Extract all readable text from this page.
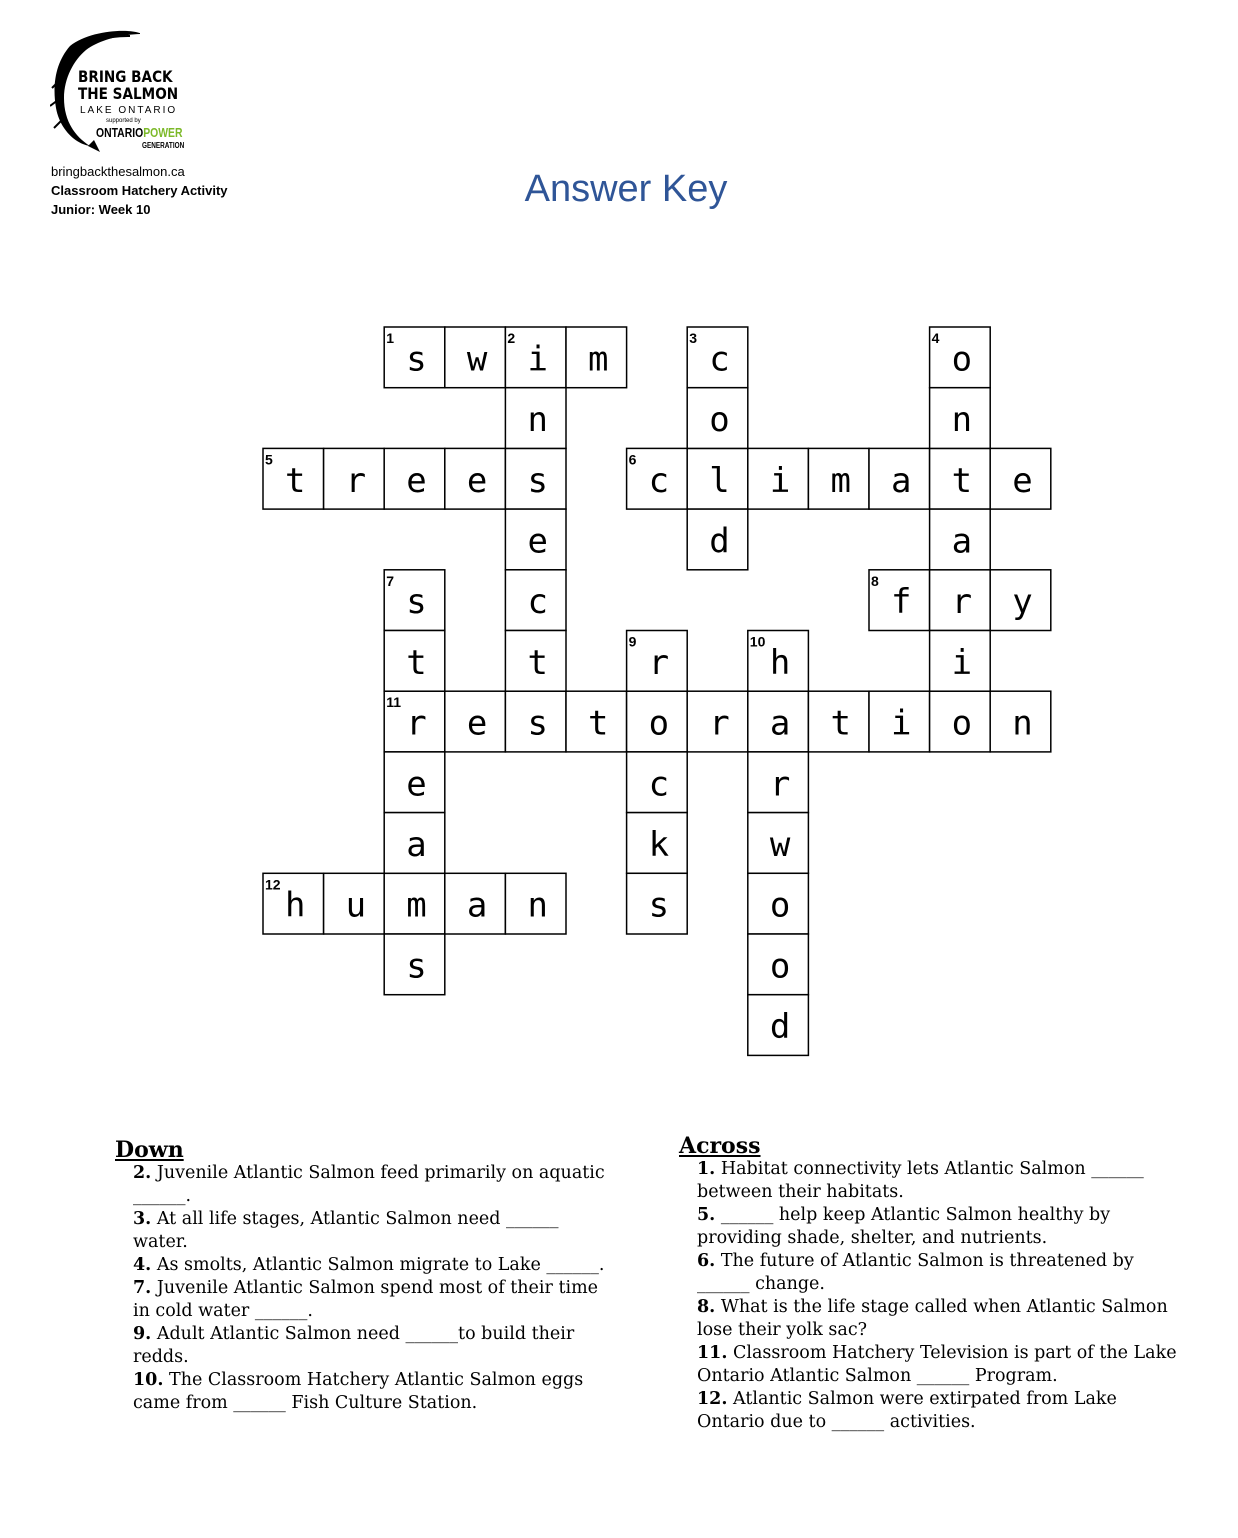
BRING BACK
THE SALMON
LAKE ONTARIO
supported by
ONTARIOPOWER
GENERATION
bringbackthesalmon.ca
Classroom Hatchery Activity
Junior: Week 10	Answer Key
s
1
w i
2
m
t
5
r e e s	c
6
l i m a t e
f
8
r y
r
11
e s t o r a t i o n
h
12
u m a n
n
e
c
t
c
3
o
d
o
4
n
a
i
s
7
t
e
a
s
r
9
c
k
s
h
10
r
w
o
o
d
Down
2. Juvenile Atlantic Salmon feed primarily on aquatic ______.
3. At all life stages, Atlantic Salmon need ______ water.
4. As smolts, Atlantic Salmon migrate to Lake ______.
7. Juvenile Atlantic Salmon spend most of their time in cold water ______.
9. Adult Atlantic Salmon need ______to build their redds.
10. The Classroom Hatchery Atlantic Salmon eggs came from ______ Fish Culture Station.
Across
1. Habitat connectivity lets Atlantic Salmon ______ between their habitats.
5. ______ help keep Atlantic Salmon healthy by providing shade, shelter, and nutrients.
6. The future of Atlantic Salmon is threatened by ______ change.
8. What is the life stage called when Atlantic Salmon lose their yolk sac?
11. Classroom Hatchery Television is part of the Lake Ontario Atlantic Salmon ______ Program.
12. Atlantic Salmon were extirpated from Lake Ontario due to ______ activities.
